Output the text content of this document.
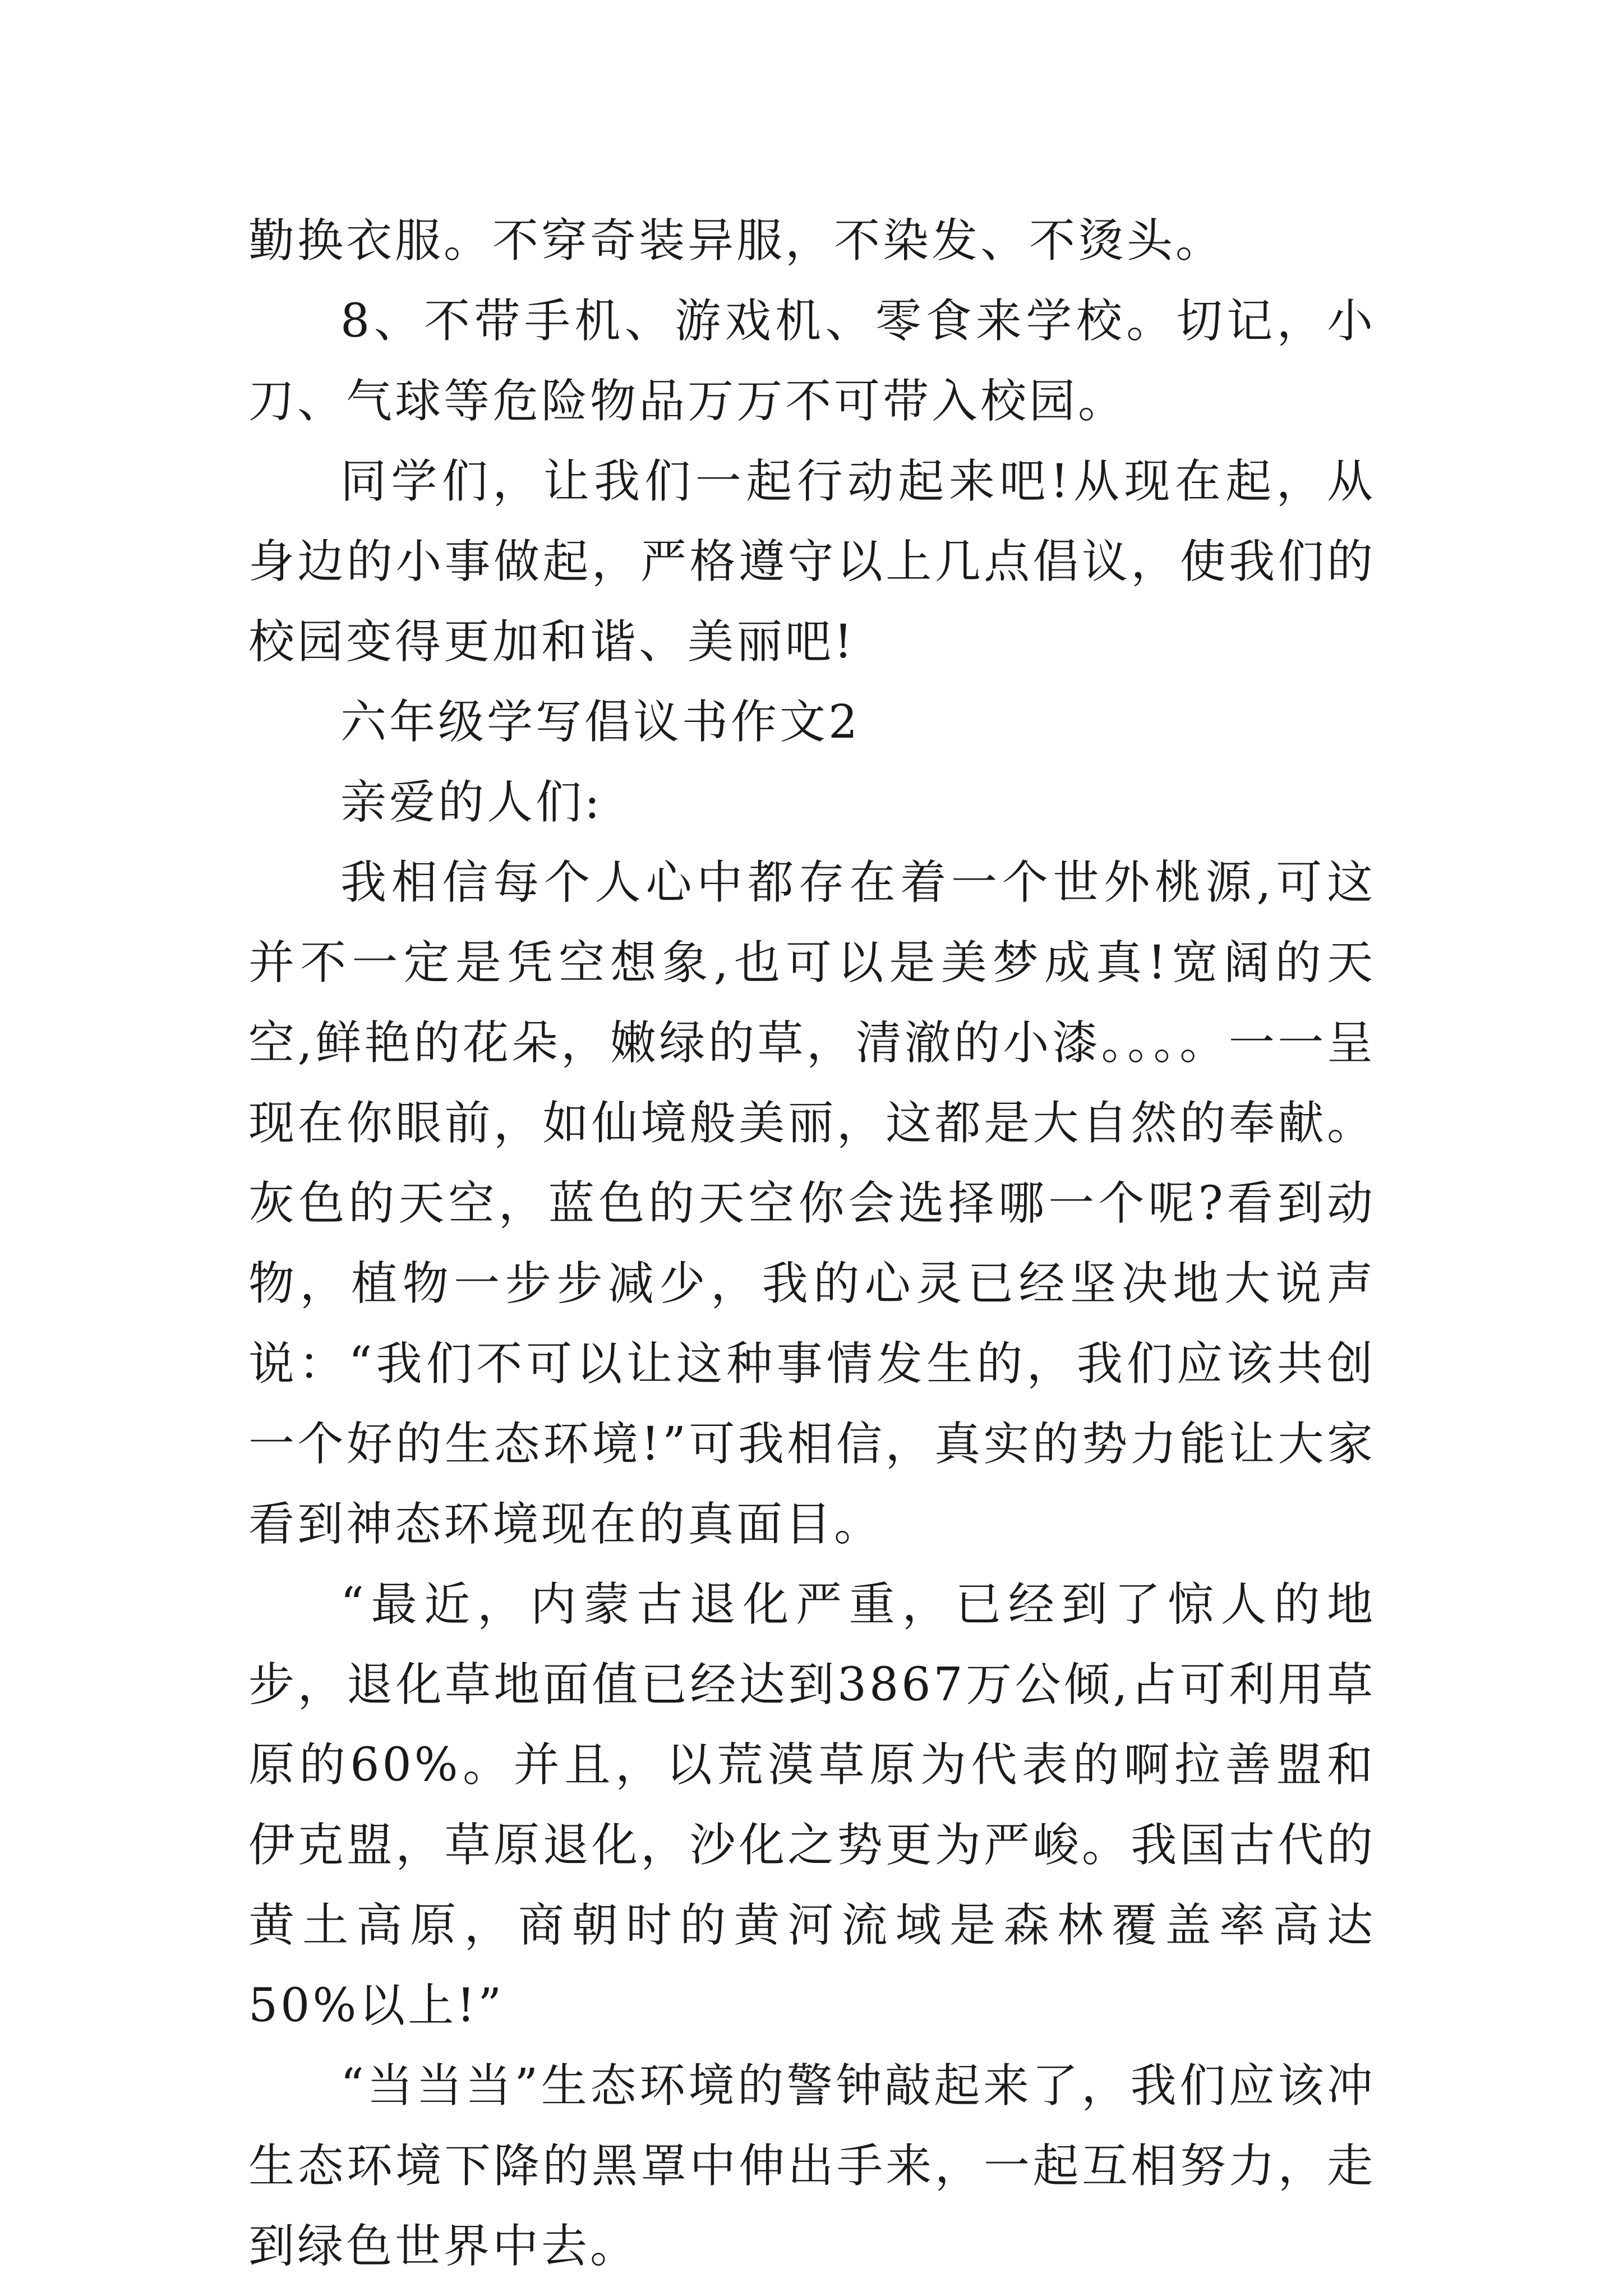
勤换衣服。不穿奇装异服，不染发、不烫头。

8、不带手机、游戏机、零食来学校。切记，小刀、气球等危险物品万万不可带入校园。

同学们，让我们一起行动起来吧!从现在起，从身边的小事做起，严格遵守以上几点倡议，使我们的校园变得更加和谐、美丽吧!

六年级学写倡议书作文2

亲爱的人们:

我相信每个人心中都存在着一个世外桃源,可这并不一定是凭空想象,也可以是美梦成真!宽阔的天空,鲜艳的花朵，嫩绿的草，清澈的小漆。。。。一一呈现在你眼前，如仙境般美丽，这都是大自然的奉献。灰色的天空，蓝色的天空你会选择哪一个呢?看到动物，植物一步步减少，我的心灵已经坚决地大说声说：“我们不可以让这种事情发生的，我们应该共创一个好的生态环境!”可我相信，真实的势力能让大家看到神态环境现在的真面目。

“最近，内蒙古退化严重，已经到了惊人的地步，退化草地面值已经达到3867万公倾,占可利用草原的60%。并且，以荒漠草原为代表的啊拉善盟和伊克盟，草原退化，沙化之势更为严峻。我国古代的黄土高原，商朝时的黄河流域是森林覆盖率高达50%以上!”

“当当当”生态环境的警钟敲起来了，我们应该冲生态环境下降的黑罩中伸出手来，一起互相努力，走到绿色世界中去。
